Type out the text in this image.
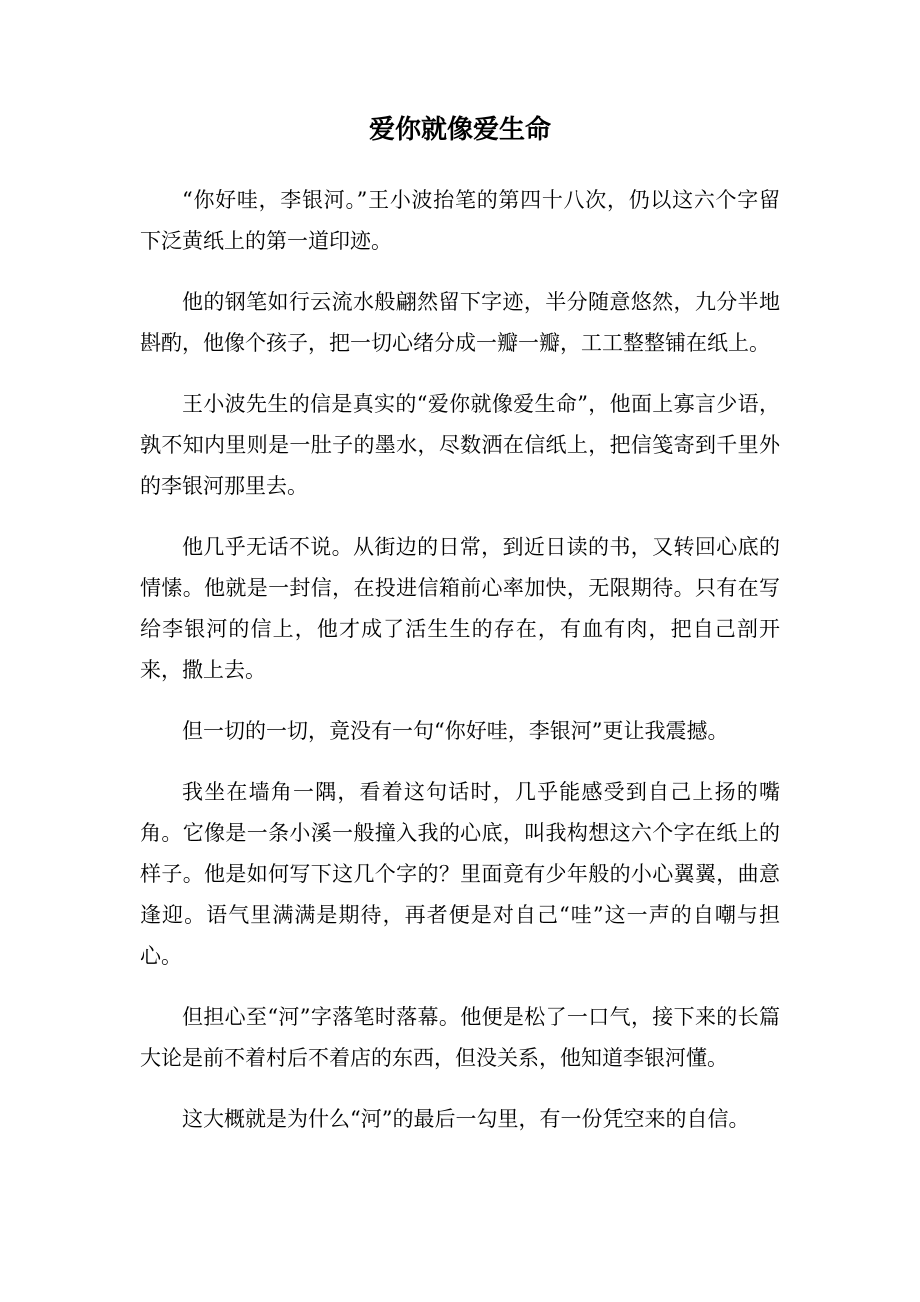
爱你就像爱生命

“你好哇，李银河。”王小波抬笔的第四十八次，仍以这六个字留下泛黄纸上的第一道印迹。

他的钢笔如行云流水般翩然留下字迹，半分随意悠然，九分半地斟酌，他像个孩子，把一切心绪分成一瓣一瓣，工工整整铺在纸上。

王小波先生的信是真实的“爱你就像爱生命”，他面上寡言少语，孰不知内里则是一肚子的墨水，尽数洒在信纸上，把信笺寄到千里外的李银河那里去。

他几乎无话不说。从街边的日常，到近日读的书，又转回心底的情愫。他就是一封信，在投进信箱前心率加快，无限期待。只有在写给李银河的信上，他才成了活生生的存在，有血有肉，把自己剖开来，撒上去。

但一切的一切，竟没有一句“你好哇，李银河”更让我震撼。

我坐在墙角一隅，看着这句话时，几乎能感受到自己上扬的嘴角。它像是一条小溪一般撞入我的心底，叫我构想这六个字在纸上的样子。他是如何写下这几个字的？里面竟有少年般的小心翼翼，曲意逢迎。语气里满满是期待，再者便是对自己“哇”这一声的自嘲与担心。

但担心至“河”字落笔时落幕。他便是松了一口气，接下来的长篇大论是前不着村后不着店的东西，但没关系，他知道李银河懂。

这大概就是为什么“河”的最后一勾里，有一份凭空来的自信。
